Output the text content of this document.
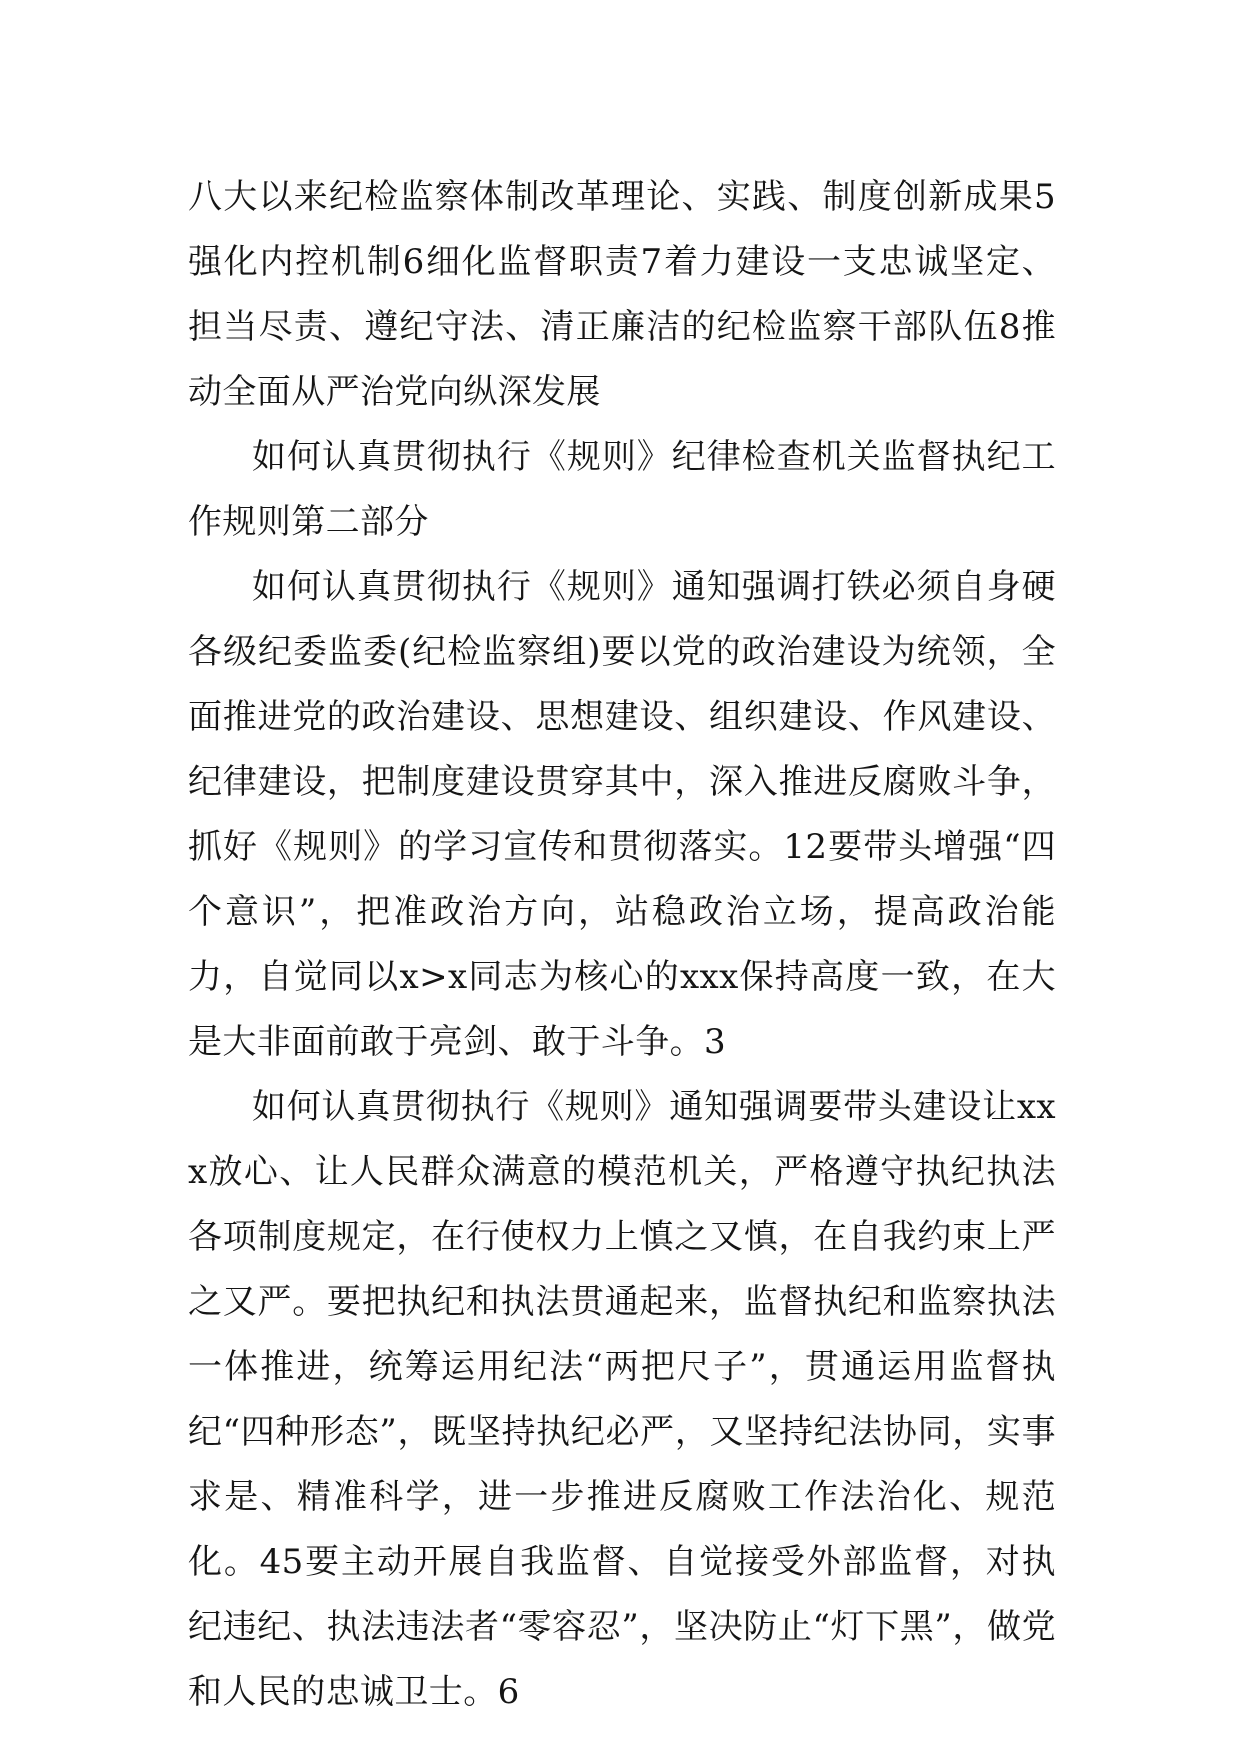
八大以来纪检监察体制改革理论、实践、制度创新成果5强化内控机制6细化监督职责7着力建设一支忠诚坚定、担当尽责、遵纪守法、清正廉洁的纪检监察干部队伍8推动全面从严治党向纵深发展

如何认真贯彻执行《规则》纪律检查机关监督执纪工作规则第二部分

如何认真贯彻执行《规则》通知强调打铁必须自身硬各级纪委监委(纪检监察组)要以党的政治建设为统领，全面推进党的政治建设、思想建设、组织建设、作风建设、纪律建设，把制度建设贯穿其中，深入推进反腐败斗争，抓好《规则》的学习宣传和贯彻落实。12要带头增强“四个意识”，把准政治方向，站稳政治立场，提高政治能力，自觉同以x>x同志为核心的xxx保持高度一致，在大是大非面前敢于亮剑、敢于斗争。3

如何认真贯彻执行《规则》通知强调要带头建设让xxx放心、让人民群众满意的模范机关，严格遵守执纪执法各项制度规定，在行使权力上慎之又慎，在自我约束上严之又严。要把执纪和执法贯通起来，监督执纪和监察执法一体推进，统筹运用纪法“两把尺子”，贯通运用监督执纪“四种形态”，既坚持执纪必严，又坚持纪法协同，实事求是、精准科学，进一步推进反腐败工作法治化、规范化。45要主动开展自我监督、自觉接受外部监督，对执纪违纪、执法违法者“零容忍”，坚决防止“灯下黑”，做党和人民的忠诚卫士。6
